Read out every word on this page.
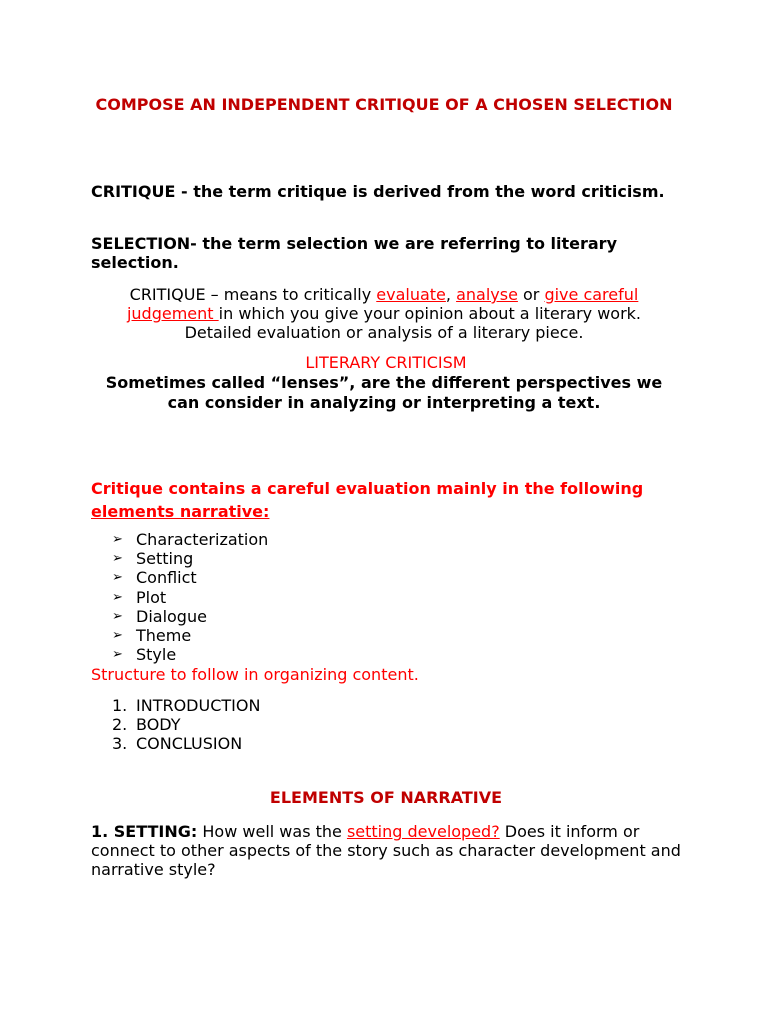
COMPOSE AN INDEPENDENT CRITIQUE OF A CHOSEN SELECTION
CRITIQUE - the term critique is derived from the word criticism.
SELECTION- the term selection we are referring to literary selection.
CRITIQUE – means to critically evaluate, analyse or give careful judgement in which you give your opinion about a literary work. Detailed evaluation or analysis of a literary piece.
LITERARY CRITICISM
Sometimes called “lenses”, are the different perspectives we can consider in analyzing or interpreting a text.
Critique contains a careful evaluation mainly in the following elements narrative:
➢ Characterization
➢ Setting
➢ Conflict
➢ Plot
➢ Dialogue
➢ Theme
➢ Style
Structure to follow in organizing content.
1. INTRODUCTION
2. BODY
3. CONCLUSION
ELEMENTS OF NARRATIVE
1. SETTING: How well was the setting developed? Does it inform or connect to other aspects of the story such as character development and narrative style?
